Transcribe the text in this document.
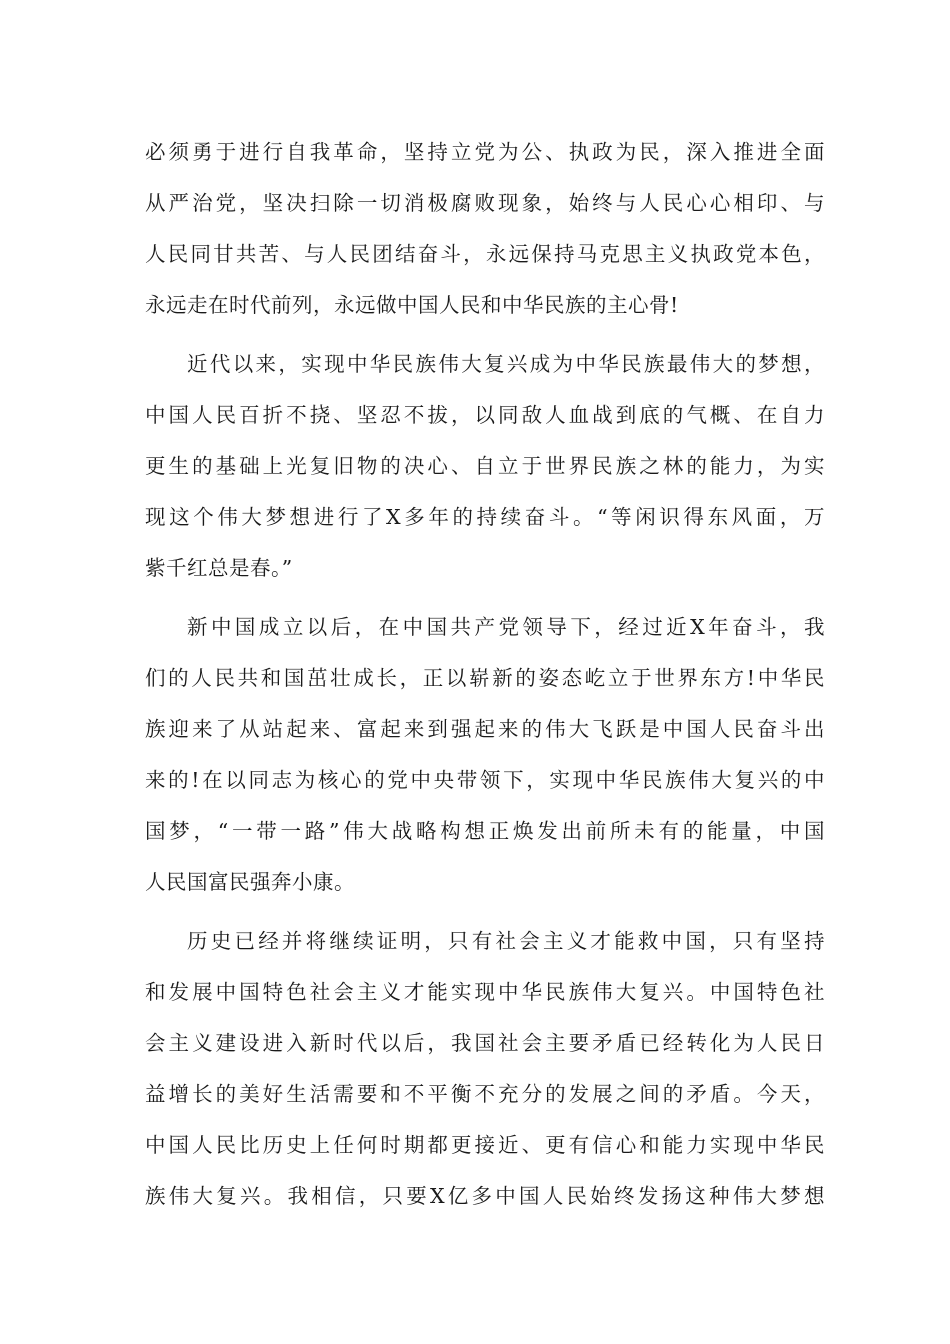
必须勇于进行自我革命，坚持立党为公、执政为民，深入推进全面
从严治党，坚决扫除一切消极腐败现象，始终与人民心心相印、与
人民同甘共苦、与人民团结奋斗，永远保持马克思主义执政党本色，
永远走在时代前列，永远做中国人民和中华民族的主心骨!
近代以来，实现中华民族伟大复兴成为中华民族最伟大的梦想，
中国人民百折不挠、坚忍不拔，以同敌人血战到底的气概、在自力
更生的基础上光复旧物的决心、自立于世界民族之林的能力，为实
现这个伟大梦想进行了X多年的持续奋斗。“等闲识得东风面，万
紫千红总是春。”
新中国成立以后，在中国共产党领导下，经过近X年奋斗，我
们的人民共和国茁壮成长，正以崭新的姿态屹立于世界东方!中华民
族迎来了从站起来、富起来到强起来的伟大飞跃是中国人民奋斗出
来的!在以同志为核心的党中央带领下，实现中华民族伟大复兴的中
国梦，“一带一路”伟大战略构想正焕发出前所未有的能量，中国
人民国富民强奔小康。
历史已经并将继续证明，只有社会主义才能救中国，只有坚持
和发展中国特色社会主义才能实现中华民族伟大复兴。中国特色社
会主义建设进入新时代以后，我国社会主要矛盾已经转化为人民日
益增长的美好生活需要和不平衡不充分的发展之间的矛盾。今天，
中国人民比历史上任何时期都更接近、更有信心和能力实现中华民
族伟大复兴。我相信，只要X亿多中国人民始终发扬这种伟大梦想
